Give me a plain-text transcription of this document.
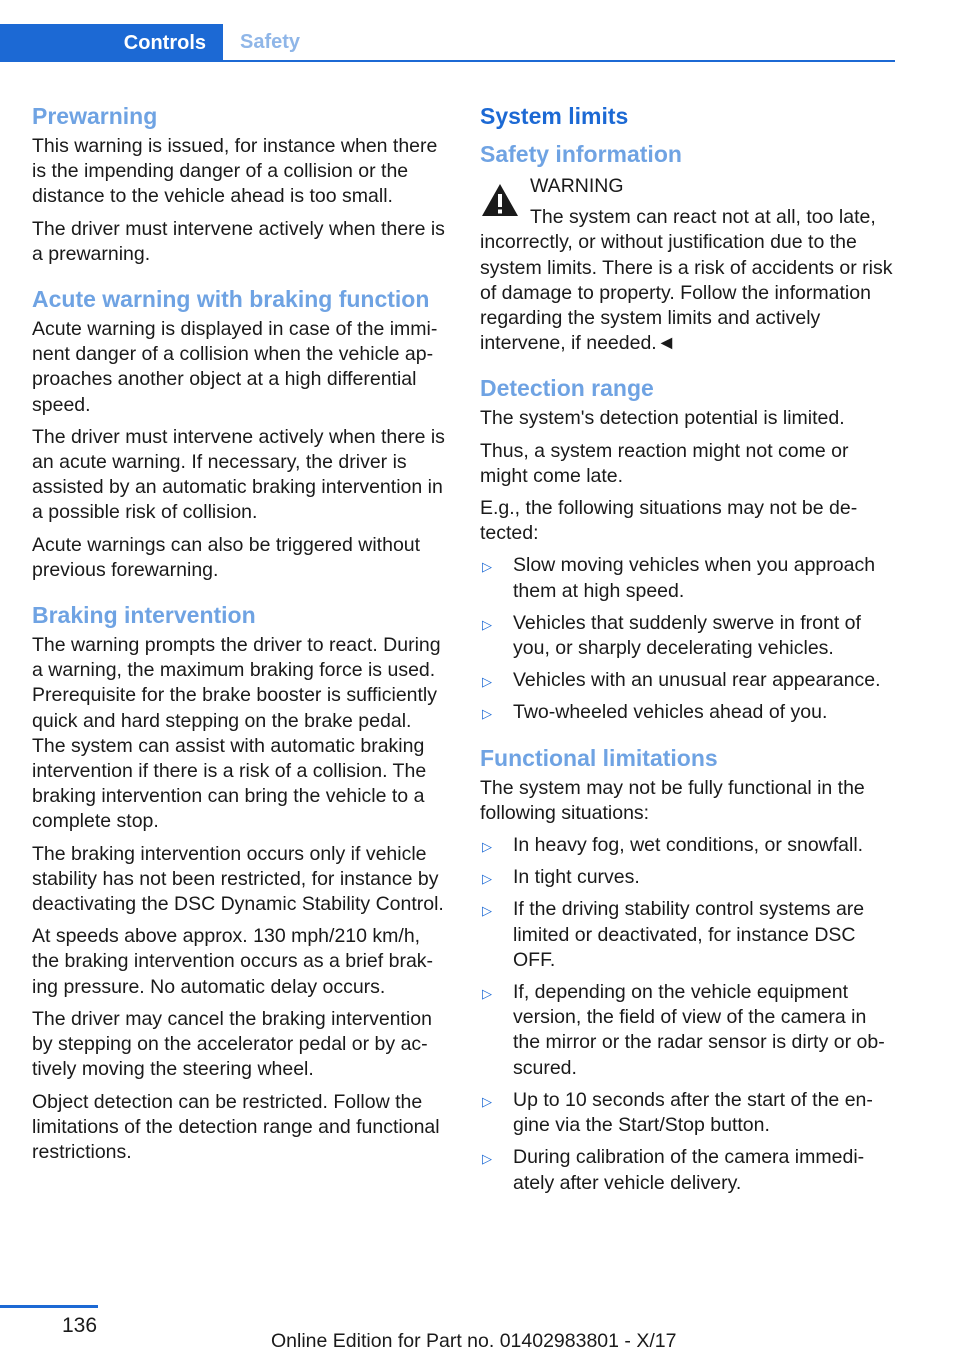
Controls	Safety
Prewarning

This warning is issued, for instance when there is the impending danger of a collision or the distance to the vehicle ahead is too small.

The driver must intervene actively when there is a prewarning.

Acute warning with braking function

Acute warning is displayed in case of the imminent danger of a collision when the vehicle approaches another object at a high differential speed.

The driver must intervene actively when there is an acute warning. If necessary, the driver is assisted by an automatic braking intervention in a possible risk of collision.

Acute warnings can also be triggered without previous forewarning.

Braking intervention

The warning prompts the driver to react. During a warning, the maximum braking force is used. Prerequisite for the brake booster is sufficiently quick and hard stepping on the brake pedal. The system can assist with automatic braking intervention if there is a risk of a collision. The braking intervention can bring the vehicle to a complete stop.

The braking intervention occurs only if vehicle stability has not been restricted, for instance by deactivating the DSC Dynamic Stability Control.

At speeds above approx. 130 mph/210 km/h, the braking intervention occurs as a brief braking pressure. No automatic delay occurs.

The driver may cancel the braking intervention by stepping on the accelerator pedal or by actively moving the steering wheel.

Object detection can be restricted. Follow the limitations of the detection range and functional restrictions.

System limits
Safety information
WARNING

The system can react not at all, too late, incorrectly, or without justification due to the system limits. There is a risk of accidents or risk of damage to property. Follow the information regarding the system limits and actively intervene, if needed.◄

Detection range

The system's detection potential is limited.

Thus, a system reaction might not come or might come late.

E.g., the following situations may not be detected:

▷ Slow moving vehicles when you approach them at high speed.
▷ Vehicles that suddenly swerve in front of you, or sharply decelerating vehicles.
▷ Vehicles with an unusual rear appearance.
▷ Two-wheeled vehicles ahead of you.
Functional limitations

The system may not be fully functional in the following situations:

▷ In heavy fog, wet conditions, or snowfall.
▷ In tight curves.
▷ If the driving stability control systems are limited or deactivated, for instance DSC OFF.
▷ If, depending on the vehicle equipment version, the field of view of the camera in the mirror or the radar sensor is dirty or obscured.
▷ Up to 10 seconds after the start of the engine via the Start/Stop button.
▷ During calibration of the camera immediately after vehicle delivery.
136
Online Edition for Part no. 01402983801 - X/17
